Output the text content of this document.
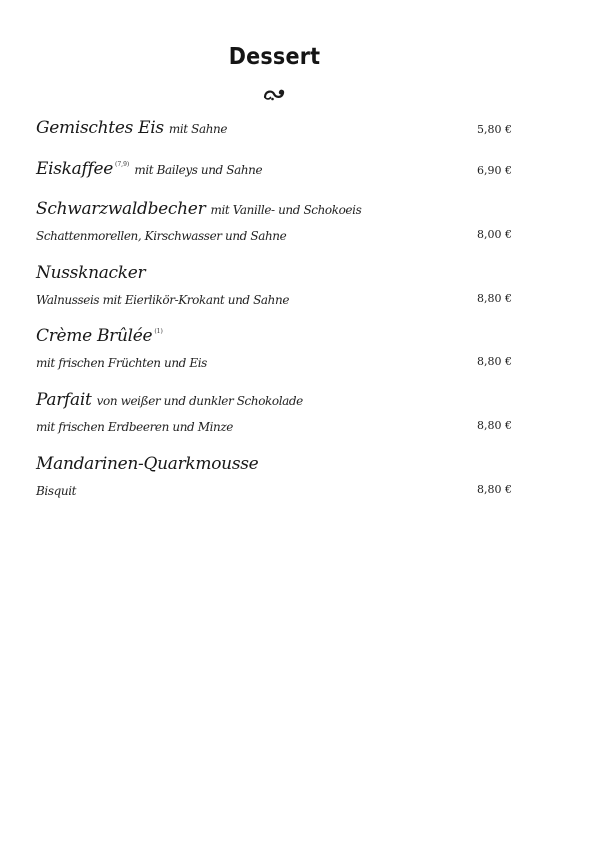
Dessert
Gemischtes Eis mit Sahne	5,80 €
Eiskaffee $^{(7,9)}$ mit Baileys und Sahne	6,90 €
Schwarzwaldbecher mit Vanille- und Schokoeis
Schattenmorellen, Kirschwasser und Sahne	8,00 €
Nussknacker
Walnusseis mit Eierlikör-Krokant und Sahne	8,80 €
Crème Brûlée $^{(1)}$
mit frischen Früchten und Eis	8,80 €
Parfait von weißer und dunkler Schokolade
mit frischen Erdbeeren und Minze	8,80 €
Mandarinen-Quarkmousse
Bisquit	8,80 €
